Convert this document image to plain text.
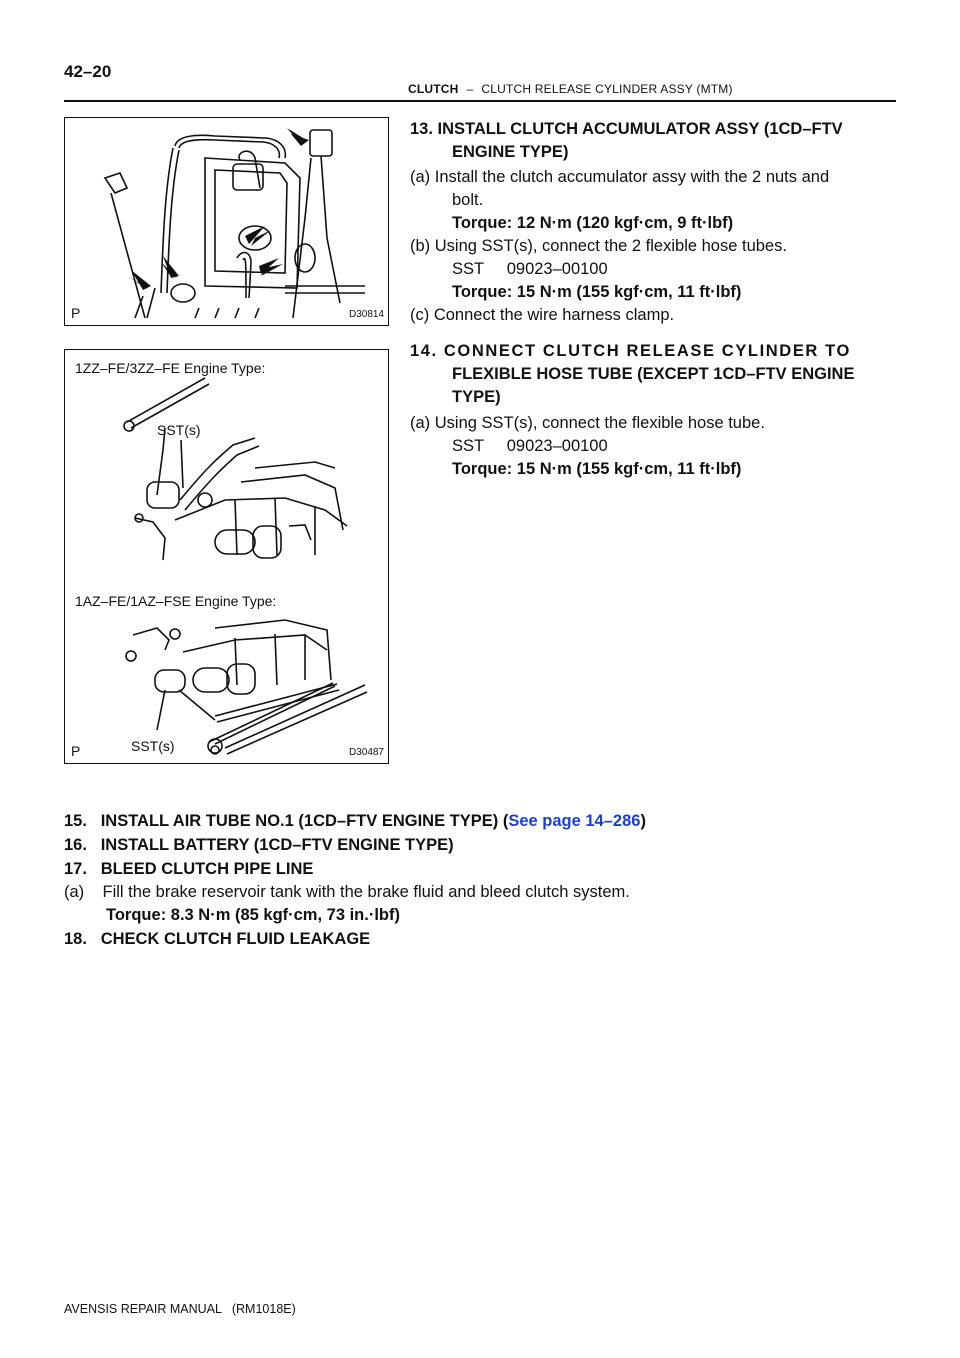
42–20
CLUTCH – CLUTCH RELEASE CYLINDER ASSY (MTM)
P	D30814
1ZZ–FE/3ZZ–FE Engine Type:
SST(s)
1AZ–FE/1AZ–FSE Engine Type:
SST(s)
P	D30487
13. INSTALL CLUTCH ACCUMULATOR ASSY (1CD–FTV
ENGINE TYPE)
(a) Install the clutch accumulator assy with the 2 nuts and
bolt.
Torque: 12 N·m (120 kgf·cm, 9 ft·lbf)
(b) Using SST(s), connect the 2 flexible hose tubes.
SST     09023–00100
Torque: 15 N·m (155 kgf·cm, 11 ft·lbf)
(c) Connect the wire harness clamp.
14. CONNECT CLUTCH RELEASE CYLINDER TO
FLEXIBLE HOSE TUBE (EXCEPT 1CD–FTV ENGINE
TYPE)
(a) Using SST(s), connect the flexible hose tube.
SST     09023–00100
Torque: 15 N·m (155 kgf·cm, 11 ft·lbf)
15.   INSTALL AIR TUBE NO.1 (1CD–FTV ENGINE TYPE) (See page 14–286)
16.   INSTALL BATTERY (1CD–FTV ENGINE TYPE)
17.   BLEED CLUTCH PIPE LINE
(a)    Fill the brake reservoir tank with the brake fluid and bleed clutch system.
Torque: 8.3 N·m (85 kgf·cm, 73 in.·lbf)
18.   CHECK CLUTCH FLUID LEAKAGE
AVENSIS REPAIR MANUAL   (RM1018E)
